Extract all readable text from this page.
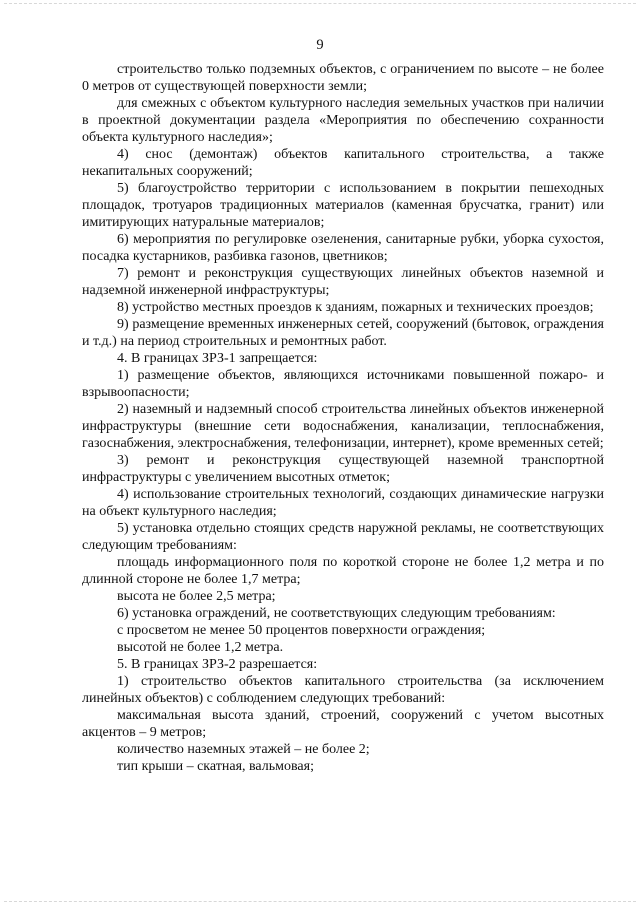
9

строительство только подземных объектов, с ограничением по высоте – не более 0 метров от существующей поверхности земли;

для смежных с объектом культурного наследия земельных участков при наличии в проектной документации раздела «Мероприятия по обеспечению сохранности объекта культурного наследия»;

4) снос (демонтаж) объектов капитального строительства, а также некапитальных сооружений;

5) благоустройство территории с использованием в покрытии пешеходных площадок, тротуаров традиционных материалов (каменная брусчатка, гранит) или имитирующих натуральные материалов;

6) мероприятия по регулировке озеленения, санитарные рубки, уборка сухостоя, посадка кустарников, разбивка газонов, цветников;

7) ремонт и реконструкция существующих линейных объектов наземной и надземной инженерной инфраструктуры;

8) устройство местных проездов к зданиям, пожарных и технических проездов;

9) размещение временных инженерных сетей, сооружений (бытовок, ограждения и т.д.) на период строительных и ремонтных работ.

4. В границах ЗРЗ-1 запрещается:

1) размещение объектов, являющихся источниками повышенной пожаро- и взрывоопасности;

2) наземный и надземный способ строительства линейных объектов инженерной инфраструктуры (внешние сети водоснабжения, канализации, теплоснабжения, газоснабжения, электроснабжения, телефонизации, интернет), кроме временных сетей;

3) ремонт и реконструкция существующей наземной транспортной инфраструктуры с увеличением высотных отметок;

4) использование строительных технологий, создающих динамические нагрузки на объект культурного наследия;

5) установка отдельно стоящих средств наружной рекламы, не соответствующих следующим требованиям:

площадь информационного поля по короткой стороне не более 1,2 метра и по длинной стороне не более 1,7 метра;

высота не более 2,5 метра;

6) установка ограждений, не соответствующих следующим требованиям:

с просветом не менее 50 процентов поверхности ограждения;

высотой не более 1,2 метра.

5. В границах ЗРЗ-2 разрешается:

1) строительство объектов капитального строительства (за исключением линейных объектов) с соблюдением следующих требований:

максимальная высота зданий, строений, сооружений с учетом высотных акцентов – 9 метров;

количество наземных этажей – не более 2;

тип крыши – скатная, вальмовая;
